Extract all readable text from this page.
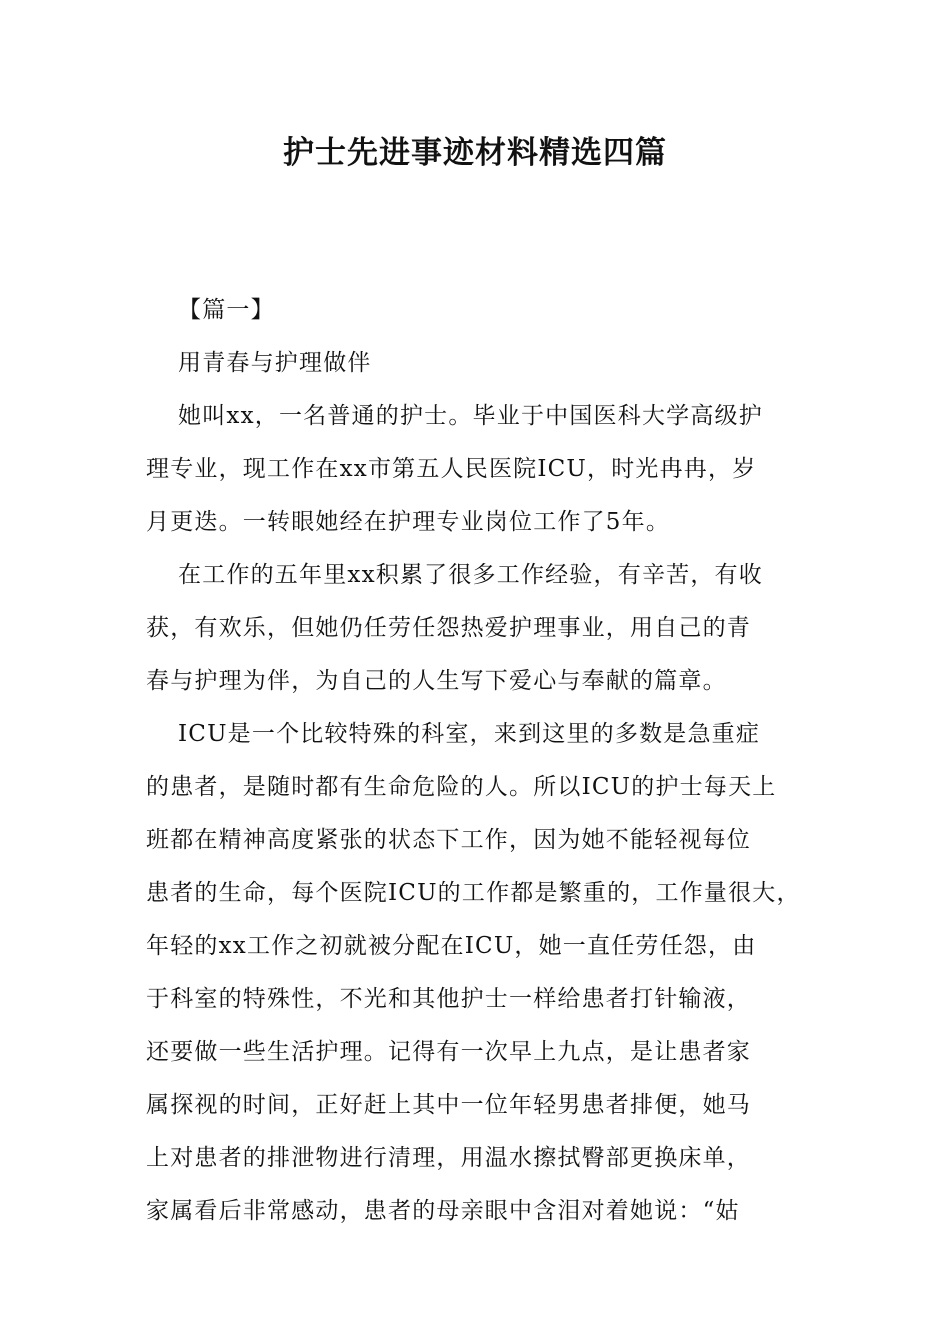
护士先进事迹材料精选四篇
【篇一】
用青春与护理做伴
她叫xx，一名普通的护士。毕业于中国医科大学高级护
理专业，现工作在xx市第五人民医院ICU，时光冉冉，岁
月更迭。一转眼她经在护理专业岗位工作了5年。
在工作的五年里xx积累了很多工作经验，有辛苦，有收
获，有欢乐，但她仍任劳任怨热爱护理事业，用自己的青
春与护理为伴，为自己的人生写下爱心与奉献的篇章。
ICU是一个比较特殊的科室，来到这里的多数是急重症
的患者，是随时都有生命危险的人。所以ICU的护士每天上
班都在精神高度紧张的状态下工作，因为她不能轻视每位
患者的生命，每个医院ICU的工作都是繁重的，工作量很大，
年轻的xx工作之初就被分配在ICU，她一直任劳任怨，由
于科室的特殊性，不光和其他护士一样给患者打针输液，
还要做一些生活护理。记得有一次早上九点，是让患者家
属探视的时间，正好赶上其中一位年轻男患者排便，她马
上对患者的排泄物进行清理，用温水擦拭臀部更换床单，
家属看后非常感动，患者的母亲眼中含泪对着她说：“姑
